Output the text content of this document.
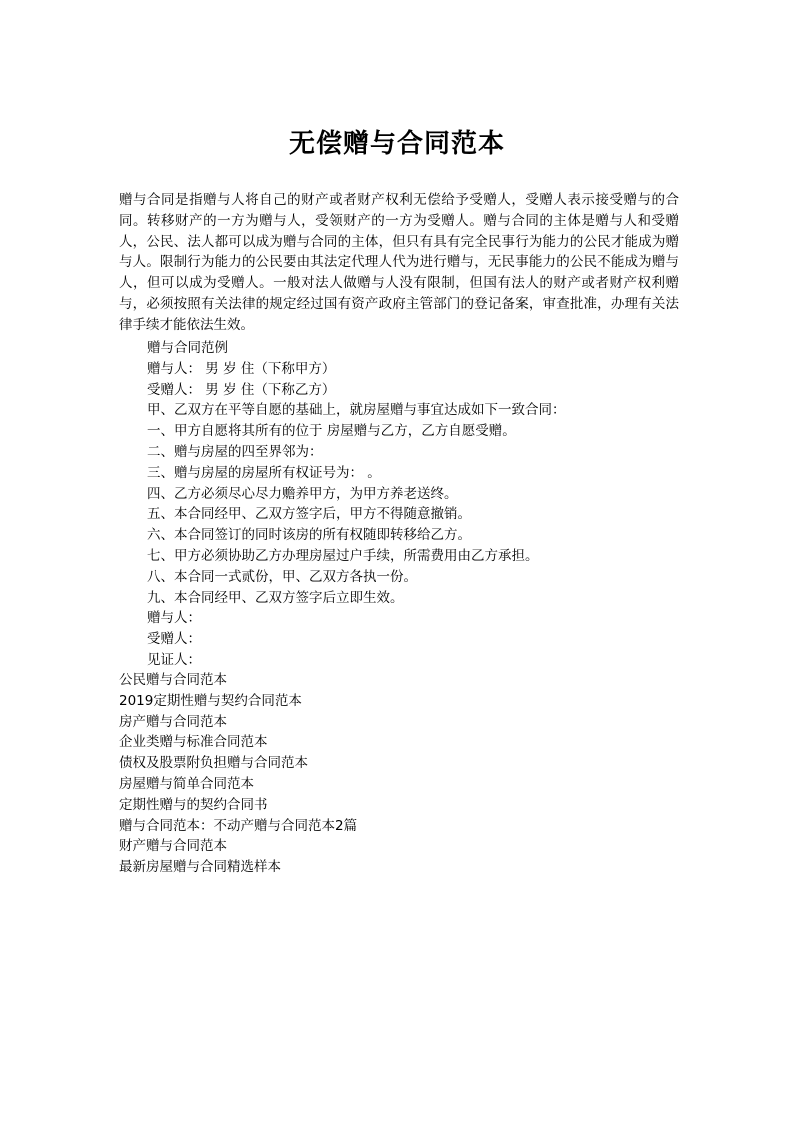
无偿赠与合同范本

赠与合同是指赠与人将自己的财产或者财产权利无偿给予受赠人，受赠人表示接受赠与的合同。转移财产的一方为赠与人，受领财产的一方为受赠人。赠与合同的主体是赠与人和受赠人，公民、法人都可以成为赠与合同的主体，但只有具有完全民事行为能力的公民才能成为赠与人。限制行为能力的公民要由其法定代理人代为进行赠与，无民事能力的公民不能成为赠与人，但可以成为受赠人。一般对法人做赠与人没有限制，但国有法人的财产或者财产权利赠与，必须按照有关法律的规定经过国有资产政府主管部门的登记备案，审查批准，办理有关法律手续才能依法生效。

赠与合同范例
赠与人： 男 岁 住（下称甲方）
受赠人： 男 岁 住（下称乙方）
甲、乙双方在平等自愿的基础上，就房屋赠与事宜达成如下一致合同：
一、甲方自愿将其所有的位于 房屋赠与乙方，乙方自愿受赠。
二、赠与房屋的四至界邻为：
三、赠与房屋的房屋所有权证号为： 。
四、乙方必须尽心尽力赡养甲方，为甲方养老送终。
五、本合同经甲、乙双方签字后，甲方不得随意撤销。
六、本合同签订的同时该房的所有权随即转移给乙方。
七、甲方必须协助乙方办理房屋过户手续，所需费用由乙方承担。
八、本合同一式贰份，甲、乙双方各执一份。
九、本合同经甲、乙双方签字后立即生效。
赠与人：
受赠人：
见证人：
公民赠与合同范本
2019定期性赠与契约合同范本
房产赠与合同范本
企业类赠与标准合同范本
债权及股票附负担赠与合同范本
房屋赠与简单合同范本
定期性赠与的契约合同书
赠与合同范本：不动产赠与合同范本2篇
财产赠与合同范本
最新房屋赠与合同精选样本
